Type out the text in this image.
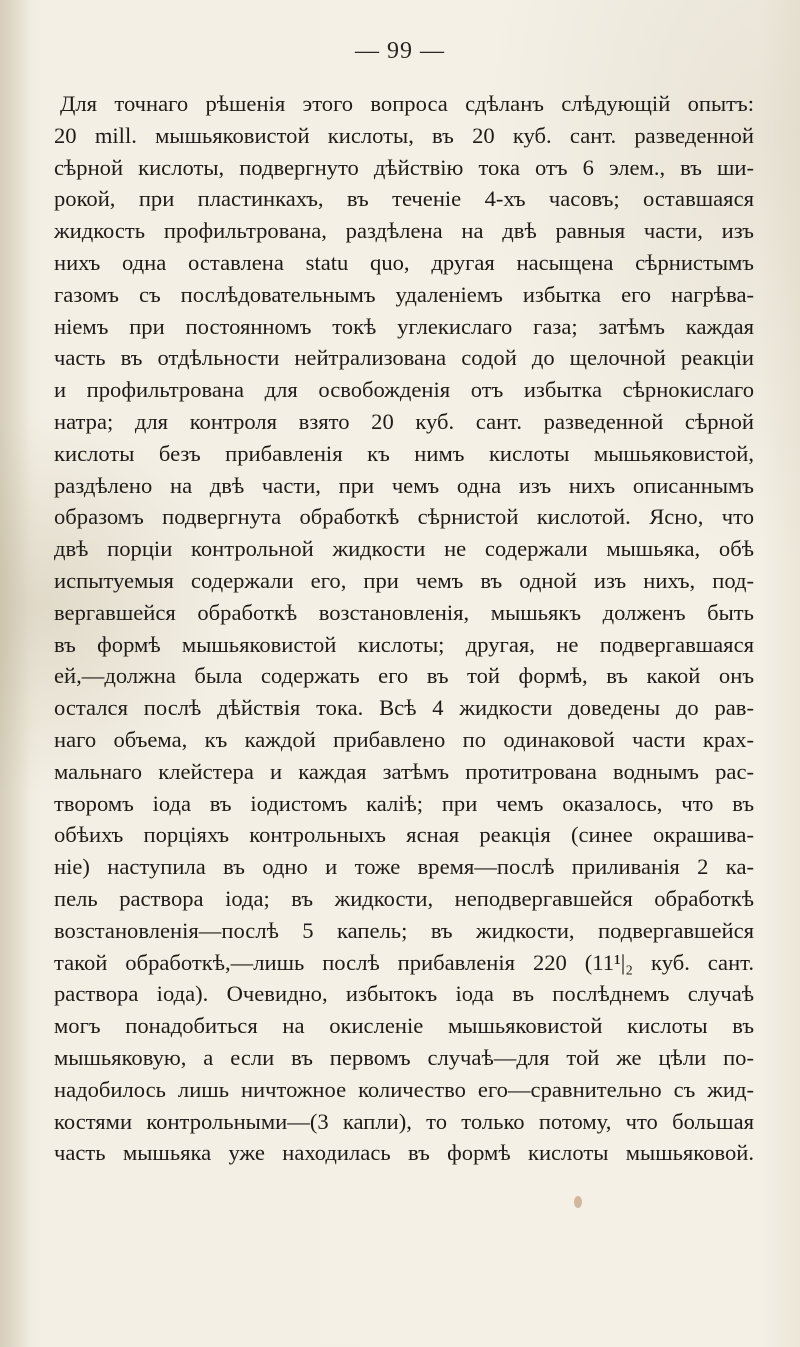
— 99 —
Для точнаго рѣшенія этого вопроса сдѣланъ слѣдующій опытъ:
20 mill. мышьяковистой кислоты, въ 20 куб. сант. разведенной
сѣрной кислоты, подвергнуто дѣйствію тока отъ 6 элем., въ ши-
рокой, при пластинкахъ, въ теченіе 4-хъ часовъ; оставшаяся
жидкость профильтрована, раздѣлена на двѣ равныя части, изъ
нихъ одна оставлена statu quo, другая насыщена сѣрнистымъ
газомъ съ послѣдовательнымъ удаленіемъ избытка его нагрѣва-
ніемъ при постоянномъ токѣ углекислаго газа; затѣмъ каждая
часть въ отдѣльности нейтрализована содой до щелочной реакціи
и профильтрована для освобожденія отъ избытка сѣрнокислаго
натра; для контроля взято 20 куб. сант. разведенной сѣрной
кислоты безъ прибавленія къ нимъ кислоты мышьяковистой,
раздѣлено на двѣ части, при чемъ одна изъ нихъ описаннымъ
образомъ подвергнута обработкѣ сѣрнистой кислотой. Ясно, что
двѣ порціи контрольной жидкости не содержали мышьяка, обѣ
испытуемыя содержали его, при чемъ въ одной изъ нихъ, под-
вергавшейся обработкѣ возстановленія, мышьякъ долженъ быть
въ формѣ мышьяковистой кислоты; другая, не подвергавшаяся
ей,—должна была содержать его въ той формѣ, въ какой онъ
остался послѣ дѣйствія тока. Всѣ 4 жидкости доведены до рав-
наго объема, къ каждой прибавлено по одинаковой части крах-
мальнаго клейстера и каждая затѣмъ протитрована воднымъ рас-
творомъ іода въ іодистомъ каліѣ; при чемъ оказалось, что въ
обѣихъ порціяхъ контрольныхъ ясная реакція (синее окрашива-
ніе) наступила въ одно и тоже время—послѣ приливанія 2 ка-
пель раствора іода; въ жидкости, неподвергавшейся обработкѣ
возстановленія—послѣ 5 капель; въ жидкости, подвергавшейся
такой обработкѣ,—лишь послѣ прибавленія 220 (11¹|₂ куб. сант.
раствора іода). Очевидно, избытокъ іода въ послѣднемъ случаѣ
могъ понадобиться на окисленіе мышьяковистой кислоты въ
мышьяковую, а если въ первомъ случаѣ—для той же цѣли по-
надобилось лишь ничтожное количество его—сравнительно съ жид-
костями контрольными—(3 капли), то только потому, что большая
часть мышьяка уже находилась въ формѣ кислоты мышьяковой.
